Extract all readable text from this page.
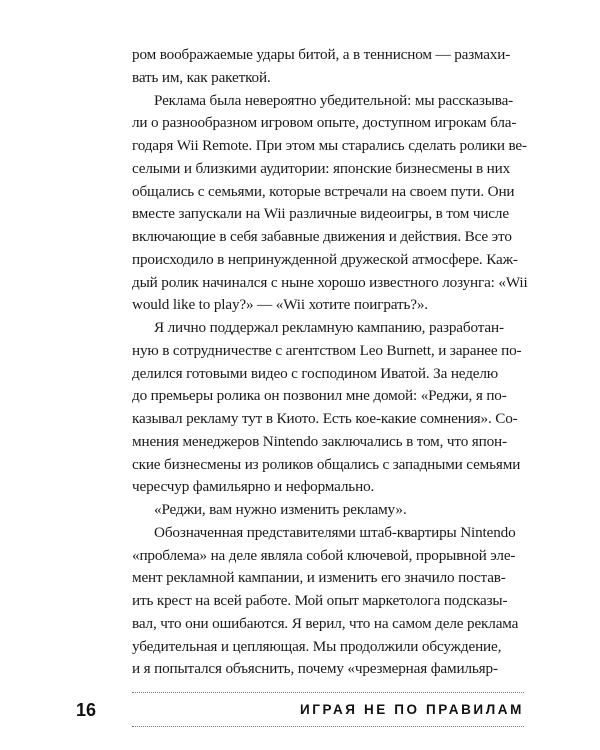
ром воображаемые удары битой, а в теннисном — размахи-
вать им, как ракеткой.
Реклама была невероятно убедительной: мы рассказыва-
ли о разнообразном игровом опыте, доступном игрокам бла-
годаря Wii Remote. При этом мы старались сделать ролики ве-
селыми и близкими аудитории: японские бизнесмены в них
общались с семьями, которые встречали на своем пути. Они
вместе запускали на Wii различные видеоигры, в том числе
включающие в себя забавные движения и действия. Все это
происходило в непринужденной дружеской атмосфере. Каж-
дый ролик начинался с ныне хорошо известного лозунга: «Wii
would like to play?» — «Wii хотите поиграть?».
Я лично поддержал рекламную кампанию, разработан-
ную в сотрудничестве с агентством Leo Burnett, и заранее по-
делился готовыми видео с господином Иватой. За неделю
до премьеры ролика он позвонил мне домой: «Реджи, я по-
казывал рекламу тут в Киото. Есть кое-какие сомнения». Со-
мнения менеджеров Nintendo заключались в том, что япон-
ские бизнесмены из роликов общались с западными семьями
чересчур фамильярно и неформально.
«Реджи, вам нужно изменить рекламу».
Обозначенная представителями штаб-квартиры Nintendo
«проблема» на деле являла собой ключевой, прорывной эле-
мент рекламной кампании, и изменить его значило постав-
ить крест на всей работе. Мой опыт маркетолога подсказы-
вал, что они ошибаются. Я верил, что на самом деле реклама
убедительная и цепляющая. Мы продолжили обсуждение,
и я попытался объяснить, почему «чрезмерная фамильяр-
16	ИГРАЯ НЕ ПО ПРАВИЛАМ
